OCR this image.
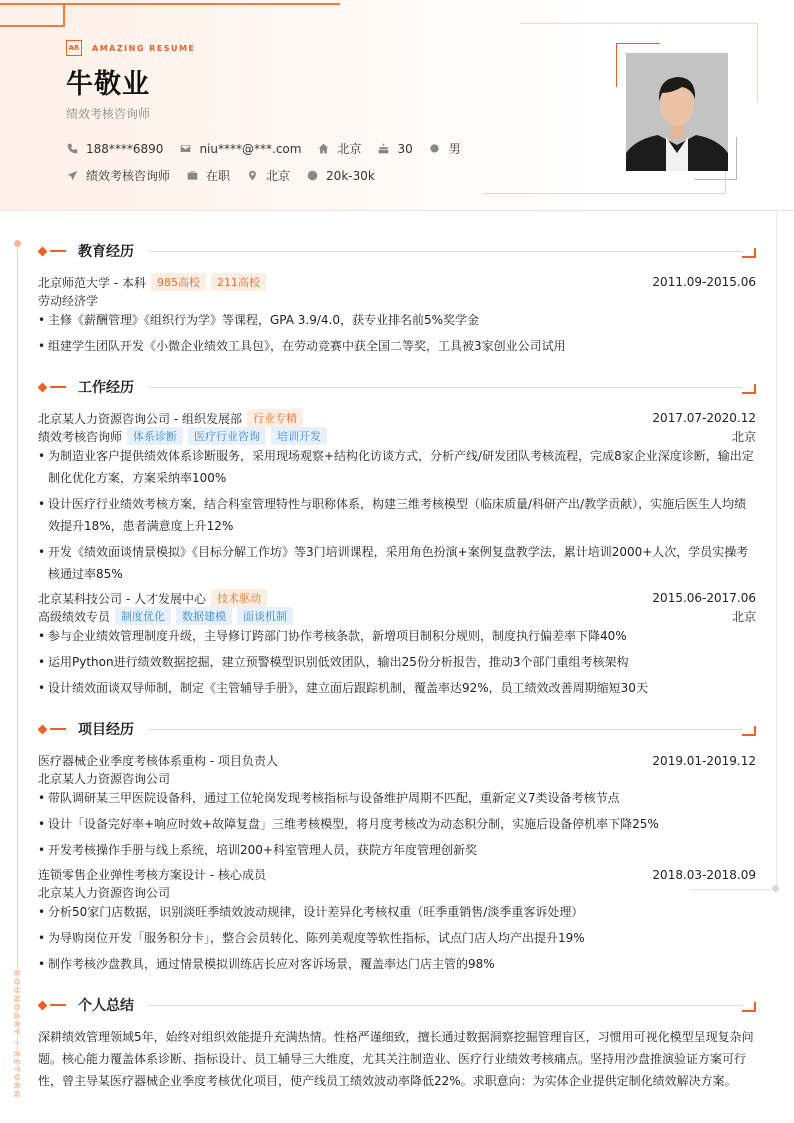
AR	AMAZING RESUME
牛敬业
绩效考核咨询师
188****6890	niu****@***.com	北京	30	男
绩效考核咨询师	在职	北京	20k-30k
BOUNDARY / RETURN
教育经历
北京师范大学 - 本科	985高校	211高校	2011.09-2015.06
劳动经济学
• 主修《薪酬管理》《组织行为学》等课程，GPA 3.9/4.0，获专业排名前5%奖学金
• 组建学生团队开发《小微企业绩效工具包》，在劳动竞赛中获全国二等奖，工具被3家创业公司试用
工作经历
北京某人力资源咨询公司 - 组织发展部	行业专精	2017.07-2020.12
绩效考核咨询师	体系诊断	医疗行业咨询	培训开发	北京
• 为制造业客户提供绩效体系诊断服务，采用现场观察+结构化访谈方式，分析产线/研发团队考核流程，完成8家企业深度诊断，输出定制化优化方案，方案采纳率100%
• 设计医疗行业绩效考核方案，结合科室管理特性与职称体系，构建三维考核模型（临床质量/科研产出/教学贡献），实施后医生人均绩效提升18%，患者满意度上升12%
• 开发《绩效面谈情景模拟》《目标分解工作坊》等3门培训课程，采用角色扮演+案例复盘教学法，累计培训2000+人次，学员实操考核通过率85%
北京某科技公司 - 人才发展中心	技术驱动	2015.06-2017.06
高级绩效专员	制度优化	数据建模	面谈机制	北京
• 参与企业绩效管理制度升级，主导修订跨部门协作考核条款，新增项目制积分规则，制度执行偏差率下降40%
• 运用Python进行绩效数据挖掘，建立预警模型识别低效团队，输出25份分析报告，推动3个部门重组考核架构
• 设计绩效面谈双导师制，制定《主管辅导手册》，建立面后跟踪机制，覆盖率达92%，员工绩效改善周期缩短30天
项目经历
医疗器械企业季度考核体系重构 - 项目负责人	2019.01-2019.12
北京某人力资源咨询公司
• 带队调研某三甲医院设备科，通过工位轮岗发现考核指标与设备维护周期不匹配，重新定义7类设备考核节点
• 设计「设备完好率+响应时效+故障复盘」三维考核模型，将月度考核改为动态积分制，实施后设备停机率下降25%
• 开发考核操作手册与线上系统，培训200+科室管理人员，获院方年度管理创新奖
连锁零售企业弹性考核方案设计 - 核心成员	2018.03-2018.09
北京某人力资源咨询公司
• 分析50家门店数据，识别淡旺季绩效波动规律，设计差异化考核权重（旺季重销售/淡季重客诉处理）
• 为导购岗位开发「服务积分卡」，整合会员转化、陈列美观度等软性指标，试点门店人均产出提升19%
• 制作考核沙盘教具，通过情景模拟训练店长应对客诉场景，覆盖率达门店主管的98%
个人总结
深耕绩效管理领域5年，始终对组织效能提升充满热情。性格严谨细致，擅长通过数据洞察挖掘管理盲区，习惯用可视化模型呈现复杂问题。核心能力覆盖体系诊断、指标设计、员工辅导三大维度，尤其关注制造业、医疗行业绩效考核痛点。坚持用沙盘推演验证方案可行性，曾主导某医疗器械企业季度考核优化项目，使产线员工绩效波动率降低22%。求职意向：为实体企业提供定制化绩效解决方案。
